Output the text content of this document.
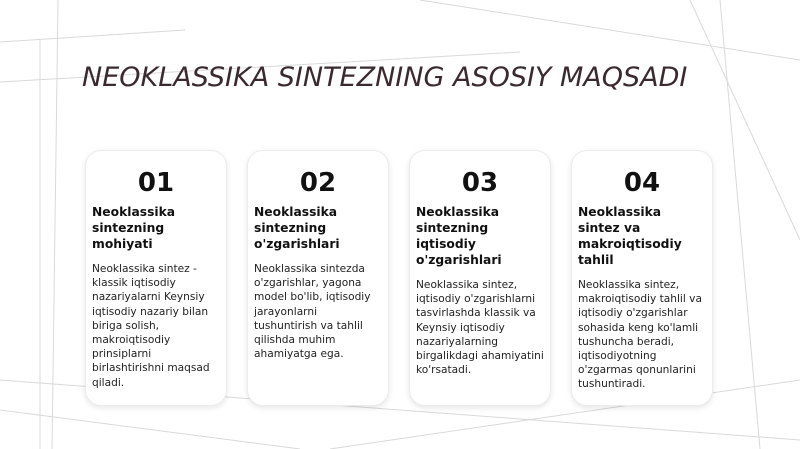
NEOKLASSIKA SINTEZNING ASOSIY MAQSADI
01
Neoklassika sintezning mohiyati
Neoklassika sintez - klassik iqtisodiy nazariyalarni Keynsiy iqtisodiy nazariy bilan biriga solish, makroiqtisodiy prinsiplarni birlashtirishni maqsad qiladi.
02
Neoklassika sintezning o'zgarishlari
Neoklassika sintezda o'zgarishlar, yagona model bo'lib, iqtisodiy jarayonlarni tushuntirish va tahlil qilishda muhim ahamiyatga ega.
03
Neoklassika sintezning iqtisodiy o'zgarishlari
Neoklassika sintez, iqtisodiy o'zgarishlarni tasvirlashda klassik va Keynsiy iqtisodiy nazariyalarning birgalikdagi ahamiyatini ko'rsatadi.
04
Neoklassika sintez va makroiqtisodiy tahlil
Neoklassika sintez, makroiqtisodiy tahlil va iqtisodiy o'zgarishlar sohasida keng ko'lamli tushuncha beradi, iqtisodiyotning o'zgarmas qonunlarini tushuntiradi.
